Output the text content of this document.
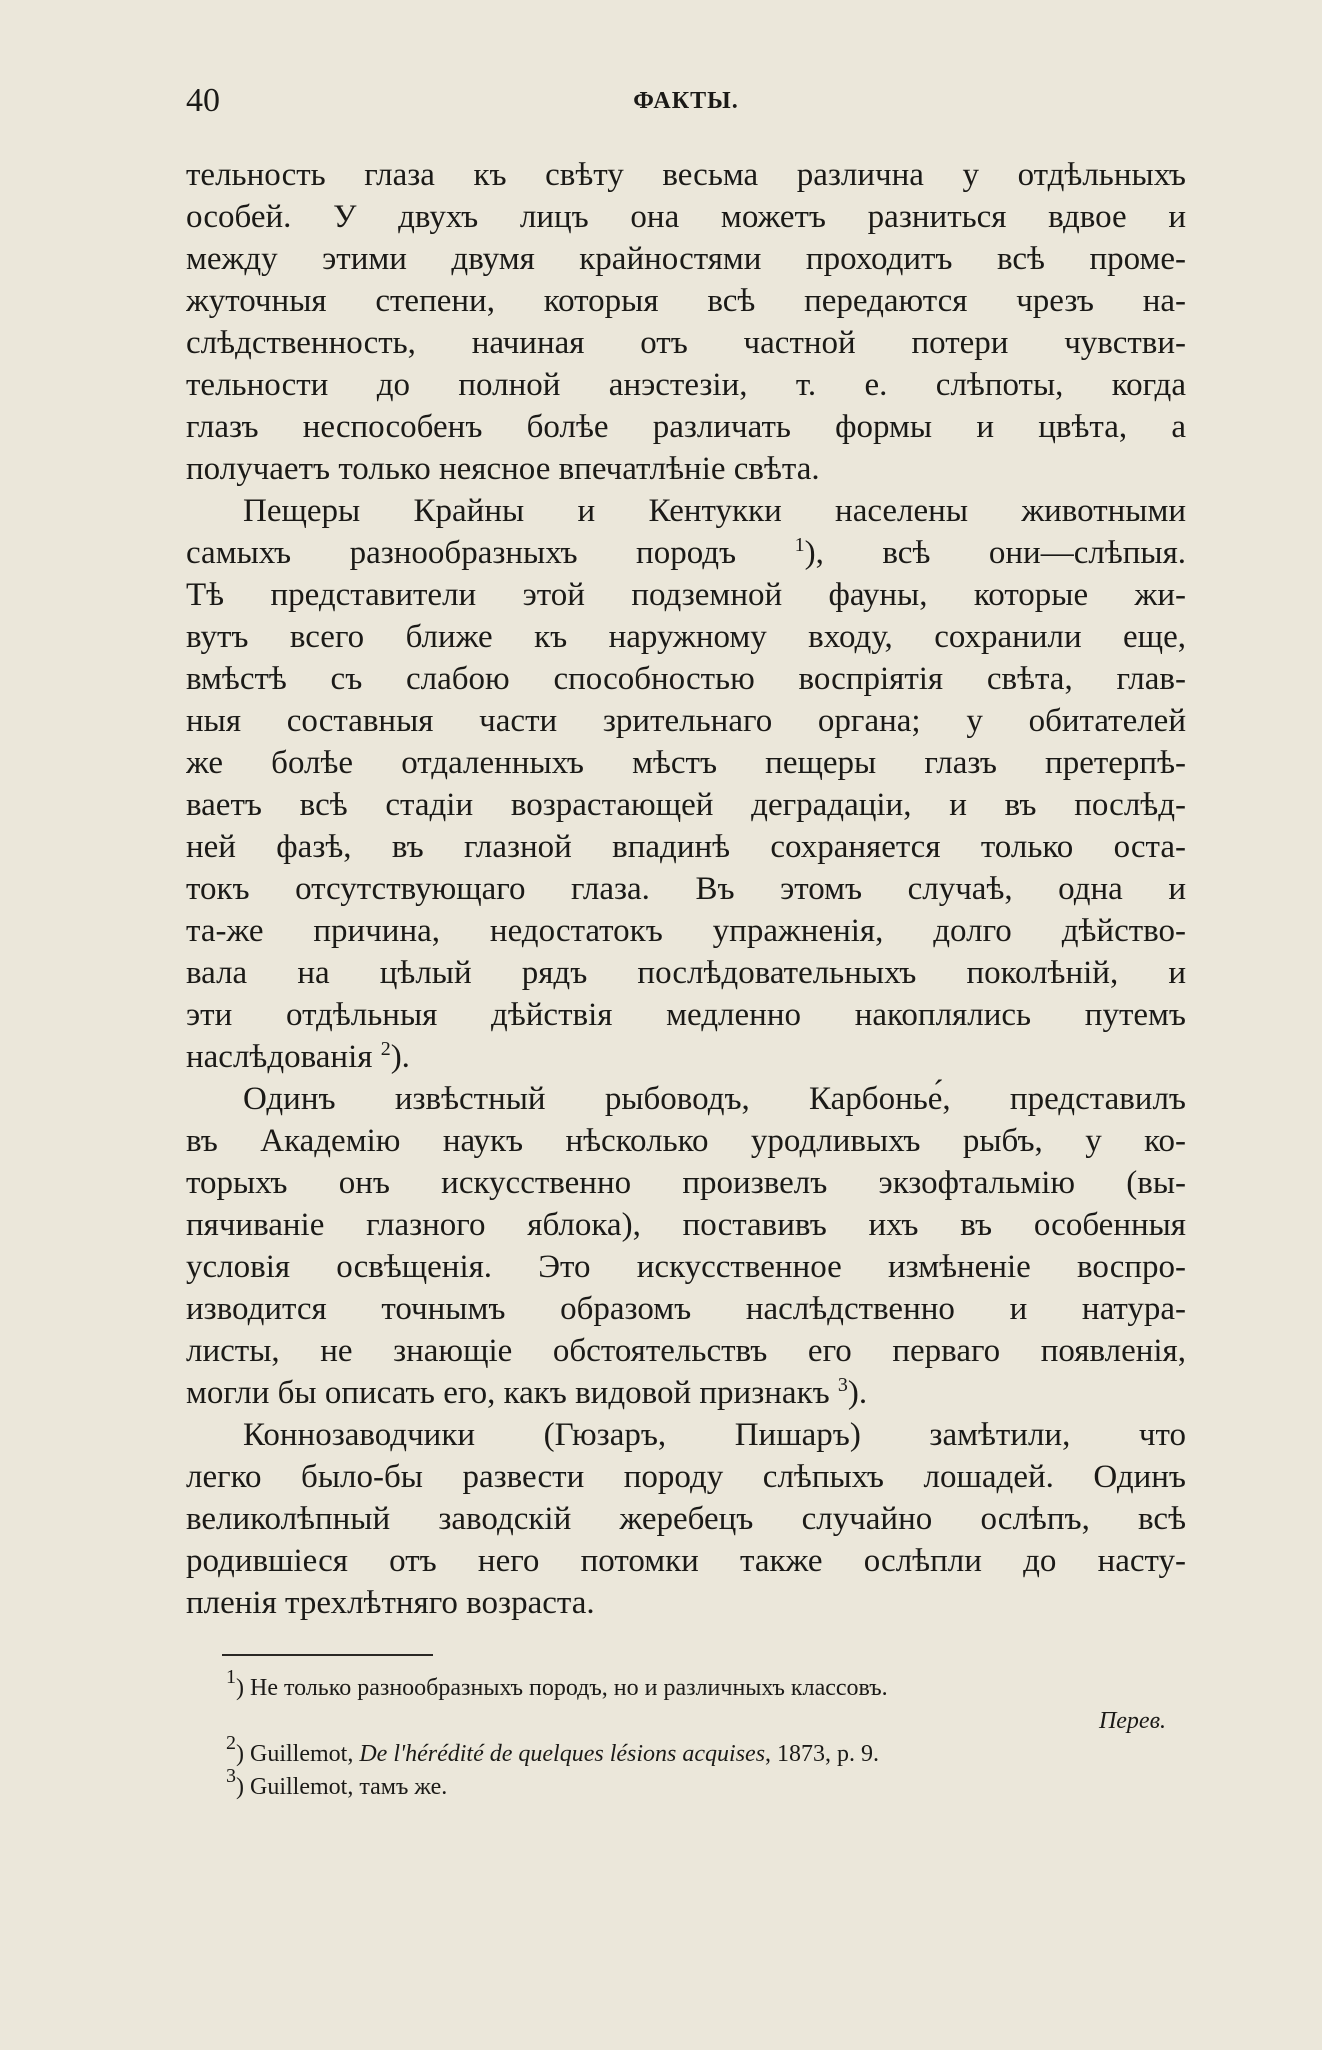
40	ФАКТЫ.
тельность глаза къ свѣту весьма различна у отдѣльныхъ
особей. У двухъ лицъ она можетъ разниться вдвое и
между этими двумя крайностями проходитъ всѣ проме-
жуточныя степени, которыя всѣ передаются чрезъ на-
слѣдственность, начиная отъ частной потери чувстви-
тельности до полной анэстезіи, т. е. слѣпоты, когда
глазъ неспособенъ болѣе различать формы и цвѣта, а
получаетъ только неясное впечатлѣніе свѣта.
Пещеры Крайны и Кентукки населены животными
самыхъ разнообразныхъ породъ	$^1$), всѣ они—слѣпыя.
Тѣ представители этой подземной фауны, которые жи-
вутъ всего ближе къ наружному входу, сохранили еще,
вмѣстѣ съ слабою способностью воспріятія свѣта, глав-
ныя составныя части зрительнаго органа; у обитателей
же болѣе отдаленныхъ мѣстъ пещеры глазъ претерпѣ-
ваетъ всѣ стадіи возрастающей деградаціи, и въ послѣд-
ней фазѣ, въ глазной впадинѣ сохраняется только оста-
токъ отсутствующаго глаза. Въ этомъ случаѣ, одна и
та-же причина, недостатокъ упражненія, долго дѣйство-
вала на цѣлый рядъ послѣдовательныхъ поколѣній, и
эти отдѣльныя дѣйствія медленно накоплялись путемъ
наслѣдованія $^2$).
Одинъ извѣстный рыбоводъ, Карбонье́, представилъ
въ Академію наукъ нѣсколько уродливыхъ рыбъ, у ко-
торыхъ онъ искусственно произвелъ экзофтальмію (вы-
пячиваніе глазного яблока), поставивъ ихъ въ особенныя
условія освѣщенія. Это искусственное измѣненіе воспро-
изводится точнымъ образомъ наслѣдственно и натура-
листы, не знающіе обстоятельствъ его перваго появленія,
могли бы описать его, какъ видовой признакъ $^3$).
Коннозаводчики (Гюзаръ, Пишаръ) замѣтили, что
легко было-бы развести породу слѣпыхъ лошадей. Одинъ
великолѣпный заводскій жеребецъ случайно ослѣпъ, всѣ
родившіеся отъ него потомки также ослѣпли до насту-
пленія трехлѣтняго возраста.
$^1$) Не только разнообразныхъ породъ, но и различныхъ классовъ.
Перев.
$^2$) Guillemot, De l'hérédité de quelques lésions acquises, 1873, p. 9.
$^3$) Guillemot, тамъ же.
